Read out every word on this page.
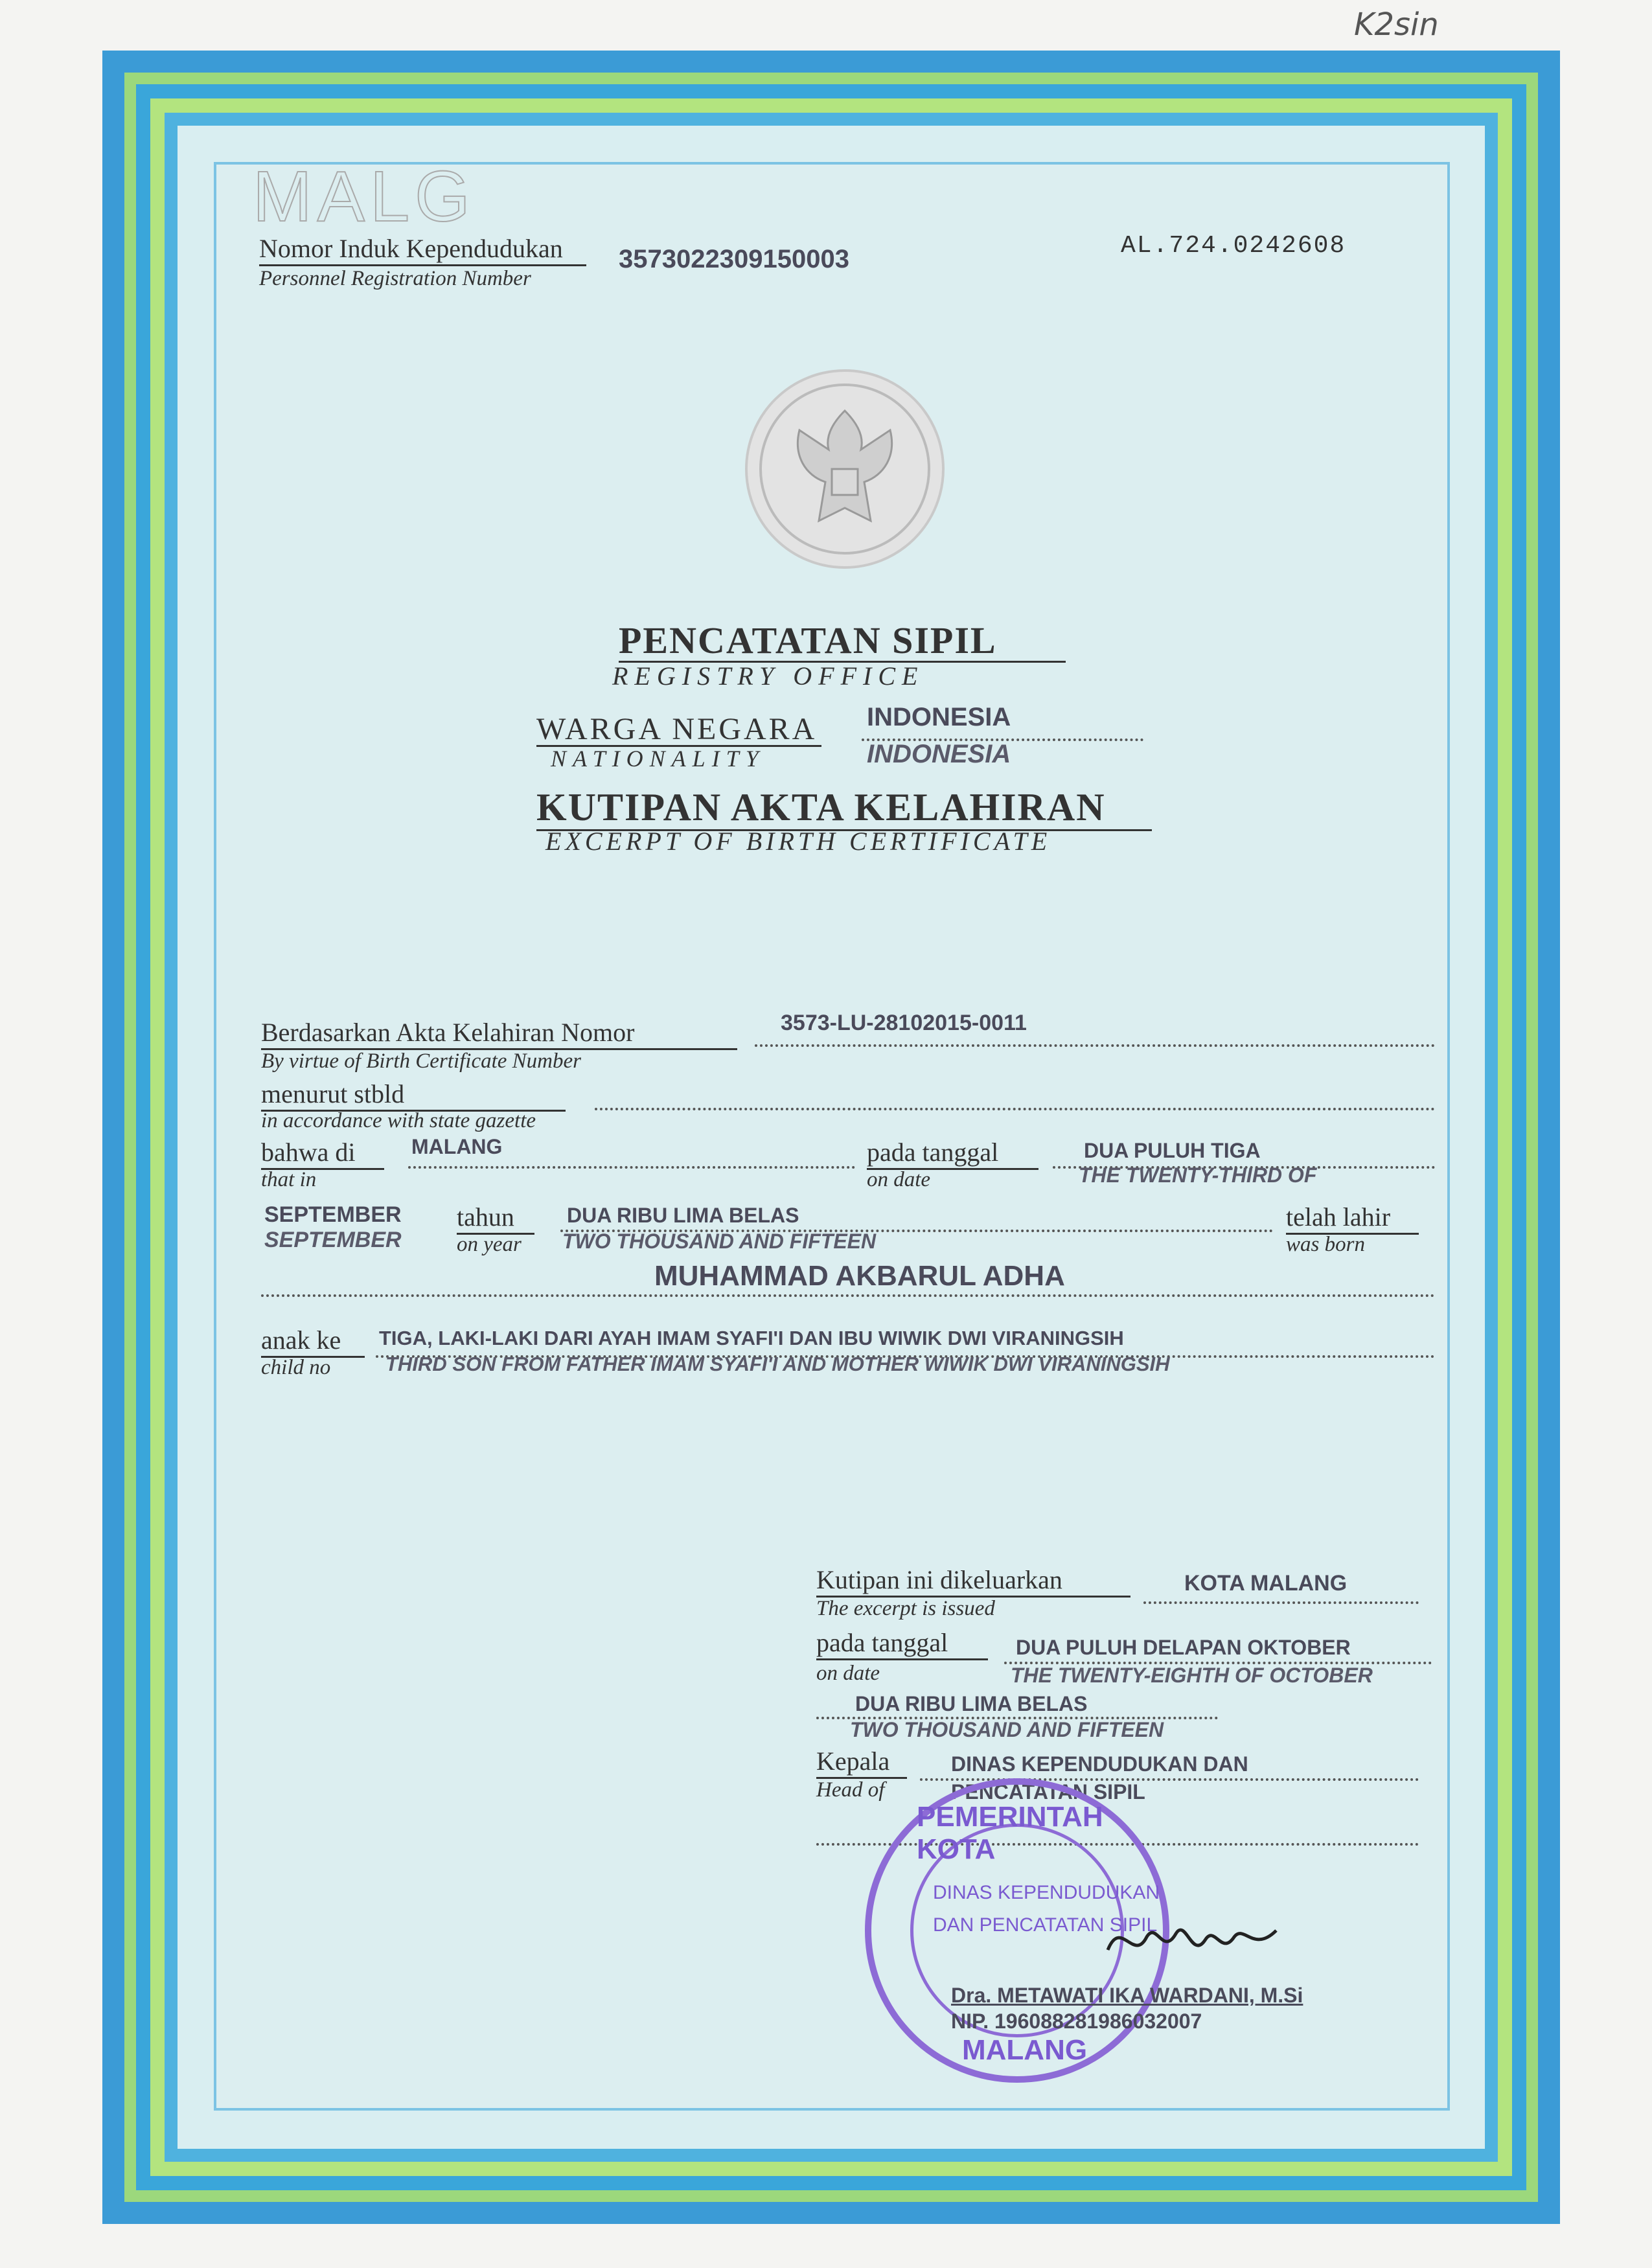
K2sin
MALG
Nomor Induk Kependudukan
Personnel Registration Number
3573022309150003	AL.724.0242608
PENCATATAN SIPIL
REGISTRY OFFICE
WARGA NEGARA
NATIONALITY
INDONESIA
INDONESIA
KUTIPAN AKTA KELAHIRAN
EXCERPT OF BIRTH CERTIFICATE
Berdasarkan Akta Kelahiran Nomor
By virtue of Birth Certificate Number
3573-LU-28102015-0011
menurut stbld
in accordance with state gazette
bahwa di
that in
MALANG	pada tanggal
on date
DUA PULUH TIGA
THE TWENTY-THIRD OF
SEPTEMBER
SEPTEMBER
tahun
on year
DUA RIBU LIMA BELAS
TWO THOUSAND AND FIFTEEN
telah lahir
was born
MUHAMMAD AKBARUL ADHA
anak ke
child no
TIGA, LAKI-LAKI DARI AYAH IMAM SYAFI'I DAN IBU WIWIK DWI VIRANINGSIH
THIRD SON FROM FATHER IMAM SYAFI'I AND MOTHER WIWIK DWI VIRANINGSIH
Kutipan ini dikeluarkan
The excerpt is issued
KOTA MALANG
pada tanggal
on date
DUA PULUH DELAPAN OKTOBER
THE TWENTY-EIGHTH OF OCTOBER
DUA RIBU LIMA BELAS
TWO THOUSAND AND FIFTEEN
Kepala
Head of
DINAS KEPENDUDUKAN DAN
PENCATATAN SIPIL
PEMERINTAH KOTA
DINAS KEPENDUDUKAN
DAN PENCATATAN SIPIL
MALANG
Dra. METAWATI IKA WARDANI, M.Si
NIP. 196088281986032007
